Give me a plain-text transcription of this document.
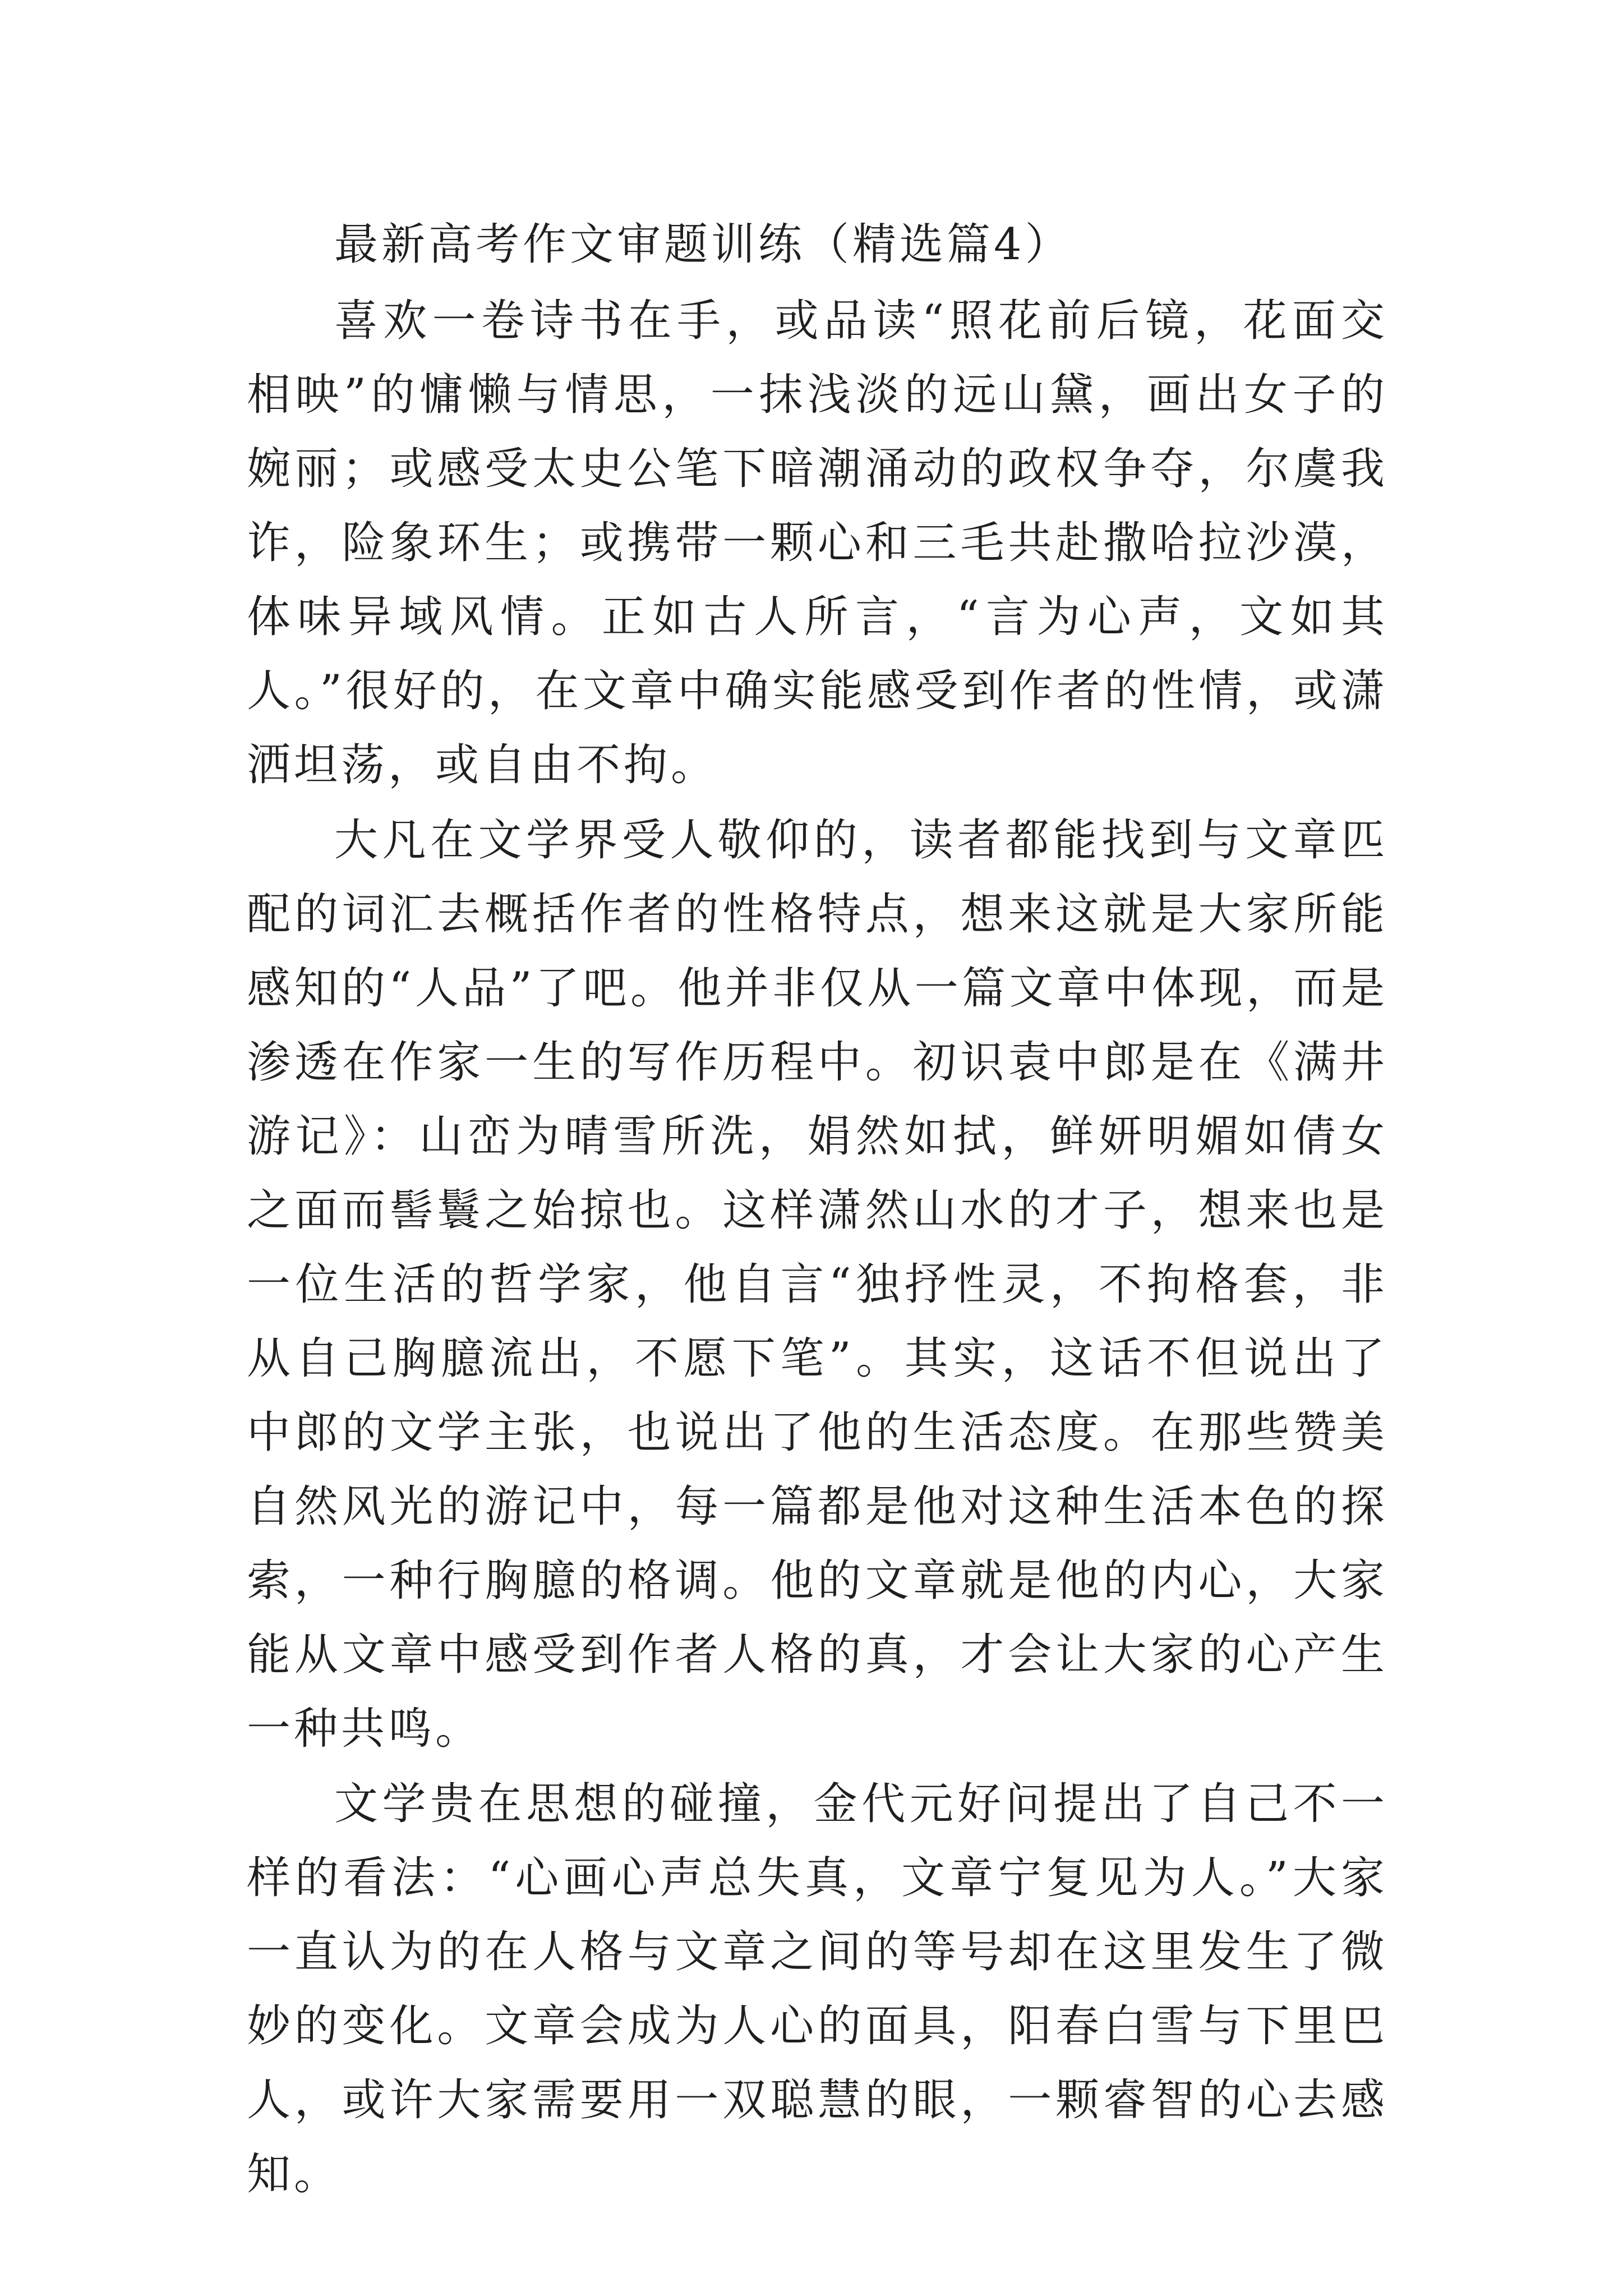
最新高考作文审题训练（精选篇4）

喜欢一卷诗书在手，或品读“照花前后镜，花面交相映”的慵懒与情思，一抹浅淡的远山黛，画出女子的婉丽；或感受太史公笔下暗潮涌动的政权争夺，尔虞我诈，险象环生；或携带一颗心和三毛共赴撒哈拉沙漠，体味异域风情。正如古人所言，“言为心声，文如其人。”很好的，在文章中确实能感受到作者的性情，或潇洒坦荡，或自由不拘。

大凡在文学界受人敬仰的，读者都能找到与文章匹配的词汇去概括作者的性格特点，想来这就是大家所能感知的“人品”了吧。他并非仅从一篇文章中体现，而是渗透在作家一生的写作历程中。初识袁中郎是在《满井游记》：山峦为晴雪所洗，娟然如拭，鲜妍明媚如倩女之面而髻鬟之始掠也。这样潇然山水的才子，想来也是一位生活的哲学家，他自言“独抒性灵，不拘格套，非从自己胸臆流出，不愿下笔”。其实，这话不但说出了中郎的文学主张，也说出了他的生活态度。在那些赞美自然风光的游记中，每一篇都是他对这种生活本色的探索，一种行胸臆的格调。他的文章就是他的内心，大家能从文章中感受到作者人格的真，才会让大家的心产生一种共鸣。

文学贵在思想的碰撞，金代元好问提出了自己不一样的看法：“心画心声总失真，文章宁复见为人。”大家一直认为的在人格与文章之间的等号却在这里发生了微妙的变化。文章会成为人心的面具，阳春白雪与下里巴人，或许大家需要用一双聪慧的眼，一颗睿智的心去感知。
